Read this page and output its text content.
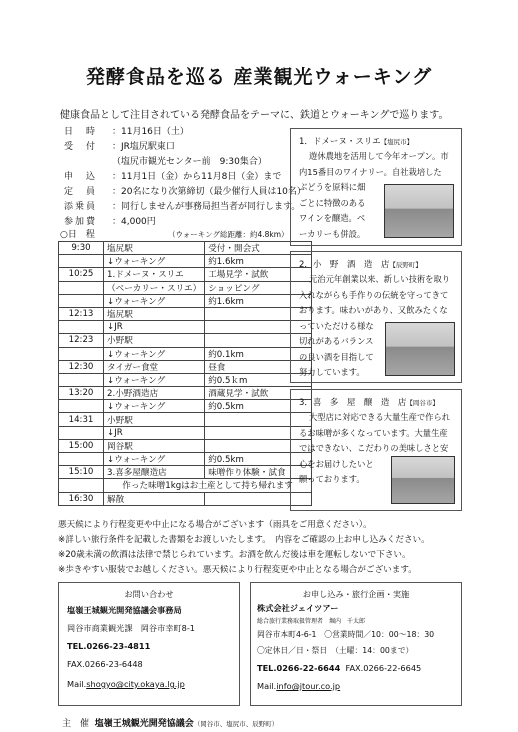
発酵食品を巡る 産業観光ウォーキング
健康食品として注目されている発酵食品をテーマに、鉄道とウォーキングで巡ります。
日　時 ：11月16日（土）
受　付 ：JR塩尻駅東口
（塩尻市観光センター前　9:30集合）
申　込 ：11月1日（金）から11月8日（金）まで
定　員 ：20名になり次第締切（最少催行人員は10名）
添乗員 ：同行しませんが事務局担当者が同行します。
参加費 ：4,000円
○日　程	（ウォーキング総距離：約4.8km）
9:30	塩尻駅	受付・開会式
	↓ウォーキング	約1.6km
10:25	1.ドメーヌ・スリエ	工場見学・試飲
	（ベーカリー・スリエ）	ショッピング
	↓ウォーキング	約1.6km
12:13	塩尻駅	
	↓JR	
12:23	小野駅	
	↓ウォーキング	約0.1km
12:30	タイガー食堂	昼食
	↓ウォーキング	約0.5ｋm
13:20	2.小野酒造店	酒蔵見学・試飲
	↓ウォーキング	約0.5km
14:31	小野駅	
	↓JR	
15:00	岡谷駅	
	↓ウォーキング	約0.5km
15:10	3.喜多屋醸造店	味噌作り体験・試食
	作った味噌1kgはお土産として持ち帰れます	
16:30	解散	
1．ドメーヌ・スリエ【塩尻市】
遊休農地を活用して今年オープン。市
内15番目のワイナリー。自社栽培した
ぶどうを原料に畑
ごとに特徴のある
ワインを醸造。ベ
ーカリーも併設。
2．小　野　酒　造　店【辰野町】
元治元年創業以来、新しい技術を取り
入れながらも手作りの伝統を守ってきて
おります。味わいがあり、又飲みたくな
っていただける様な
切れがあるバランス
の良い酒を目指して
努力しています。
3．喜　多　屋　醸　造　店【岡谷市】
大型店に対応できる大量生産で作られ
るお味噌が多くなっています。大量生産
ではできない、こだわりの美味しさと安
心をお届けしたいと
願っております。
悪天候により行程変更や中止になる場合がございます（雨具をご用意ください）。
※詳しい旅行条件を記載した書類をお渡しいたします。　内容をご確認の上お申し込みください。
※20歳未満の飲酒は法律で禁じられています。お酒を飲んだ後は車を運転しないで下さい。
※歩きやすい服装でお越しください。悪天候により行程変更や中止となる場合がございます。
お問い合わせ
塩嶺王城観光開発協議会事務局
岡谷市商業観光課　岡谷市幸町8-1
TEL.0266-23-4811
FAX.0266-23-6448
Mail.shogyo@city.okaya.lg.jp
お申し込み・旅行企画・実施
株式会社ジェイツアー
総合旅行業務取扱管理者　堀内　千太郎
岡谷市本町4-6-1　〇営業時間／10：00～18：30
〇定休日／日・祭日　（土曜：14：00まで）
TEL.0266-22-6644 FAX.0266-22-6645
Mail.info@jtour.co.jp
主　催 塩嶺王城観光開発協議会（岡谷市、塩尻市、辰野町）
